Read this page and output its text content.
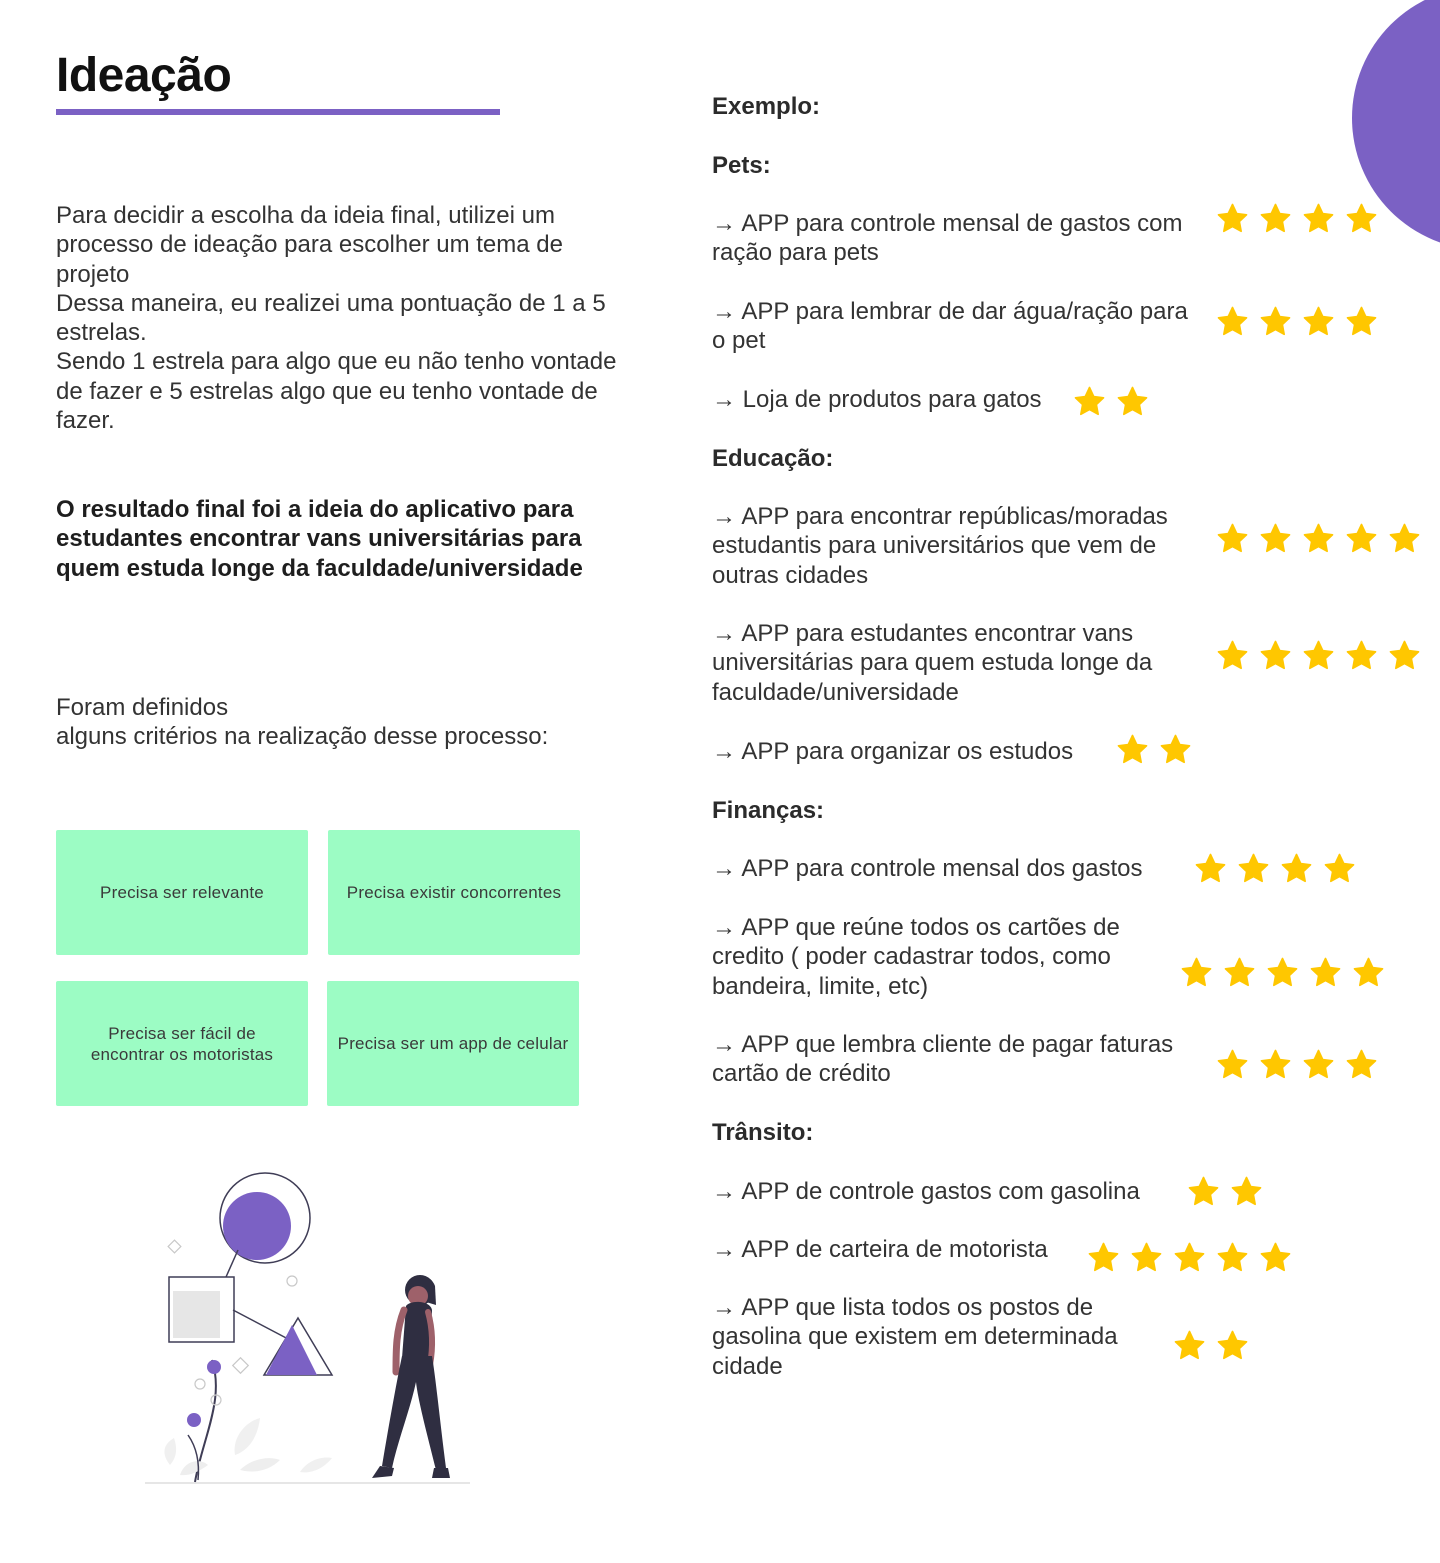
Ideação

Para decidir a escolha da ideia final, utilizei um

processo de ideação para escolher um tema de

projeto

Dessa maneira, eu realizei uma pontuação de 1 a 5

estrelas.

Sendo 1 estrela para algo que eu não tenho vontade

de fazer e 5 estrelas algo que eu tenho vontade de

fazer.

O resultado final foi a ideia do aplicativo para
estudantes encontrar vans universitárias para
quem estuda longe da faculdade/universidade

Foram definidos

alguns critérios na realização desse processo:

Precisa ser relevante	Precisa existir concorrentes
Precisa ser fácil de
encontrar os motoristas
Precisa ser um app de celular
Exemplo:
Pets:
→ APP para controle mensal de gastos com
ração para pets
→ APP para lembrar de dar água/ração para
o pet
→ Loja de produtos para gatos
Educação:
→ APP para encontrar repúblicas/moradas
estudantis para universitários que vem de
outras cidades
→ APP para estudantes encontrar vans
universitárias para quem estuda longe da
faculdade/universidade
→ APP para organizar os estudos
Finanças:
→ APP para controle mensal dos gastos
→ APP que reúne todos os cartões de
credito ( poder cadastrar todos, como
bandeira, limite, etc)
→ APP que lembra cliente de pagar faturas
cartão de crédito
Trânsito:
→ APP de controle gastos com gasolina
→ APP de carteira de motorista
→ APP que lista todos os postos de
gasolina que existem em determinada
cidade
